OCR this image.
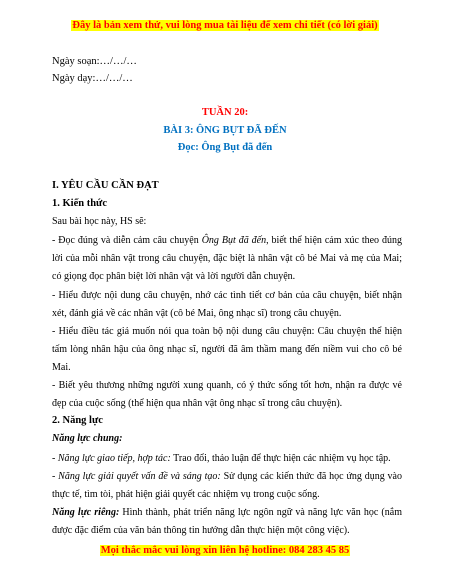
Đây là bản xem thử, vui lòng mua tài liệu để xem chi tiết (có lời giải)
Ngày soạn:…/…/…
Ngày dạy:…/…/…
TUẦN 20:
BÀI 3: ÔNG BỤT ĐÃ ĐẾN
Đọc: Ông Bụt đã đến
I. YÊU CẦU CẦN ĐẠT
1. Kiến thức
Sau bài học này, HS sẽ:
- Đọc đúng và diễn cảm câu chuyện Ông Bụt đã đến, biết thể hiện cảm xúc theo đúng lời của mỗi nhân vật trong câu chuyện, đặc biệt là nhân vật cô bé Mai và mẹ của Mai; có giọng đọc phân biệt lời nhân vật và lời người dẫn chuyện.
- Hiểu được nội dung câu chuyện, nhớ các tình tiết cơ bản của câu chuyện, biết nhận xét, đánh giá về các nhân vật (cô bé Mai, ông nhạc sĩ) trong câu chuyện.
- Hiểu điều tác giả muốn nói qua toàn bộ nội dung câu chuyện: Câu chuyện thể hiện tấm lòng nhân hậu của ông nhạc sĩ, người đã âm thầm mang đến niềm vui cho cô bé Mai.
- Biết yêu thương những người xung quanh, có ý thức sống tốt hơn, nhận ra được vẻ đẹp của cuộc sống (thể hiện qua nhân vật ông nhạc sĩ trong câu chuyện).
2. Năng lực
Năng lực chung:
- Năng lực giao tiếp, hợp tác: Trao đổi, thảo luận để thực hiện các nhiệm vụ học tập.
- Năng lực giải quyết vấn đề và sáng tạo: Sử dụng các kiến thức đã học ứng dụng vào thực tế, tìm tòi, phát hiện giải quyết các nhiệm vụ trong cuộc sống.
Năng lực riêng: Hình thành, phát triển năng lực ngôn ngữ và năng lực văn học (nắm được đặc điểm của văn bản thông tin hướng dẫn thực hiện một công việc).
Mọi thắc mắc vui lòng xin liên hệ hotline: 084 283 45 85
